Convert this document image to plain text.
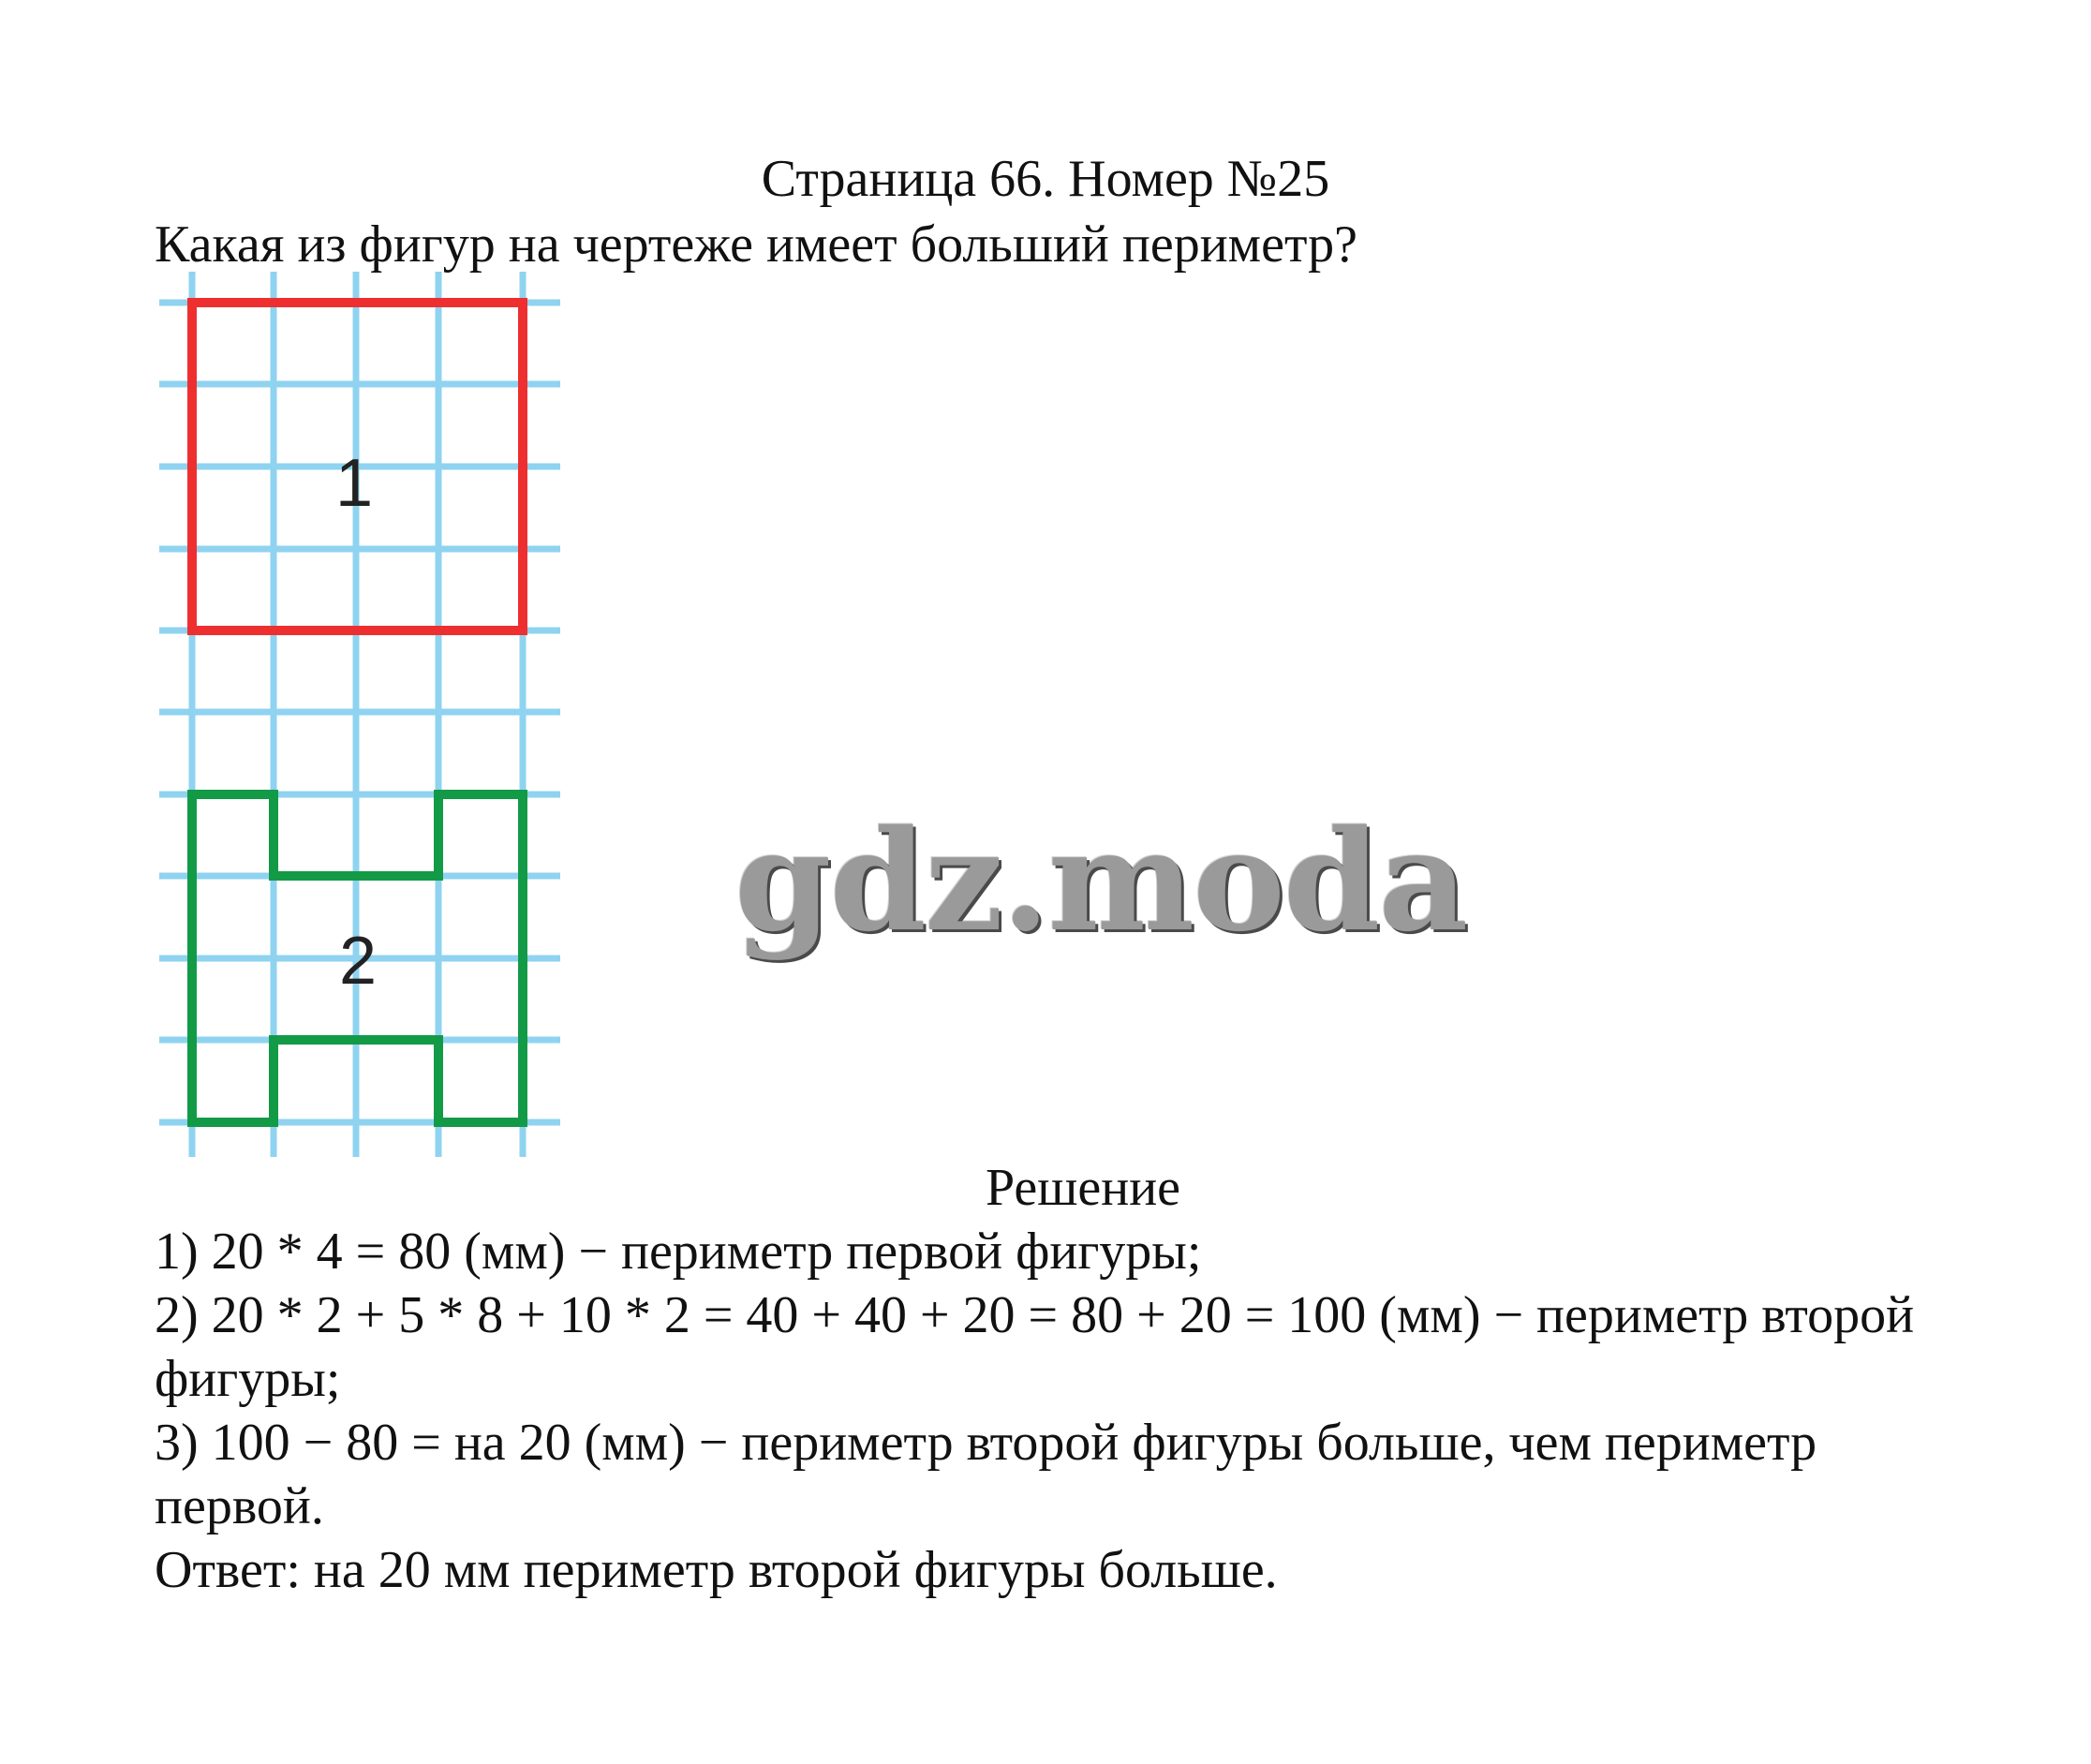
Страница 66. Номер №25
Какая из фигур на чертеже имеет больший периметр?
1
2	gdz.moda
Решение

1) 20 * 4 = 80 (мм) − периметр первой фигуры;

2) 20 * 2 + 5 * 8 + 10 * 2 = 40 + 40 + 20 = 80 + 20 = 100 (мм) − периметр второй фигуры;

3) 100 − 80 = на 20 (мм) − периметр второй фигуры больше, чем периметр первой.

Ответ: на 20 мм периметр второй фигуры больше.
